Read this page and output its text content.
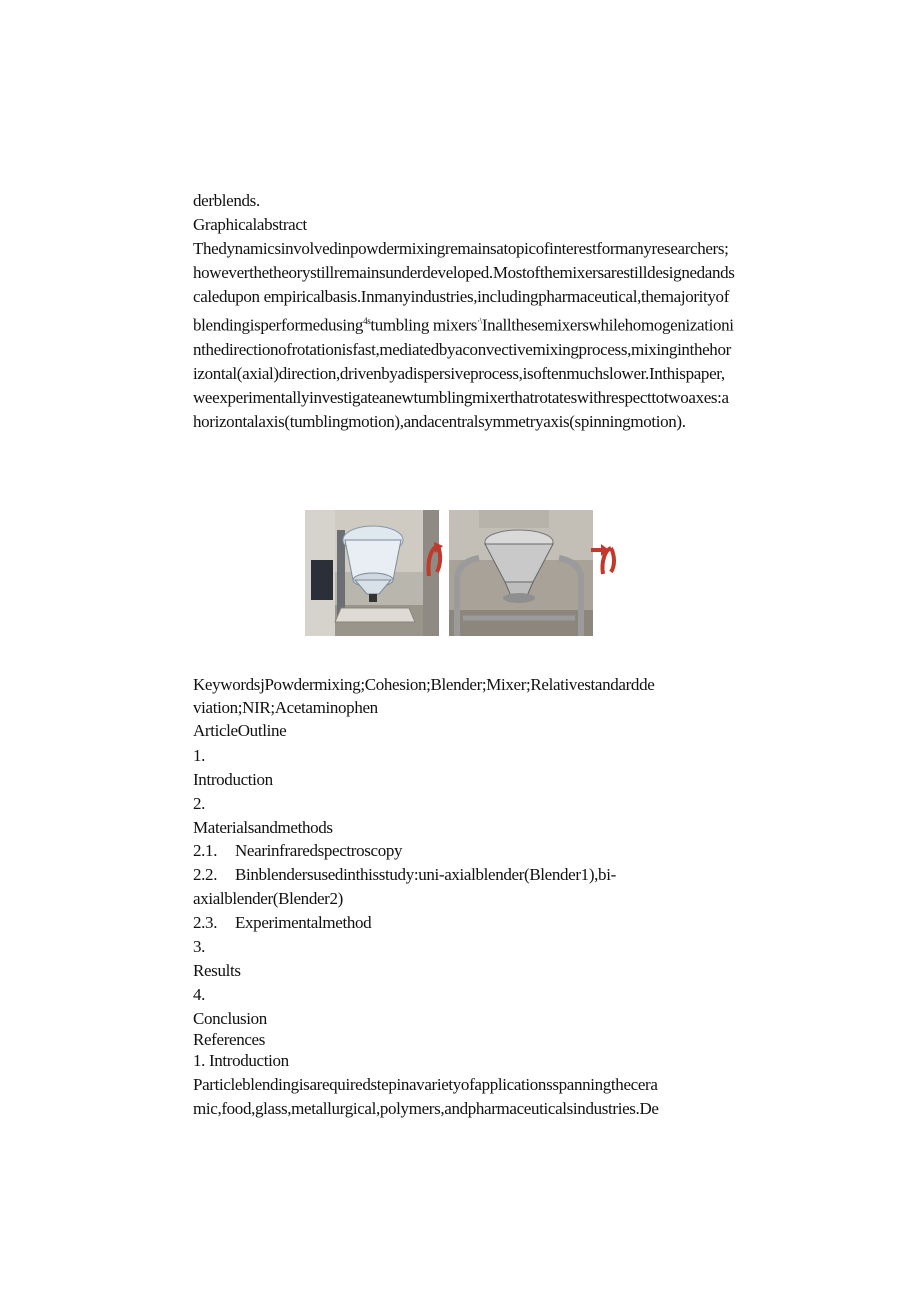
derblends.
Graphicalabstract
Thedynamicsinvolvedinpowdermixingremainsatopicofinterestformanyresearchers;howeverthetheorystillremainsunderdeveloped.Mostofthemixersarestilldesignedandscaledupon empiricalbasis.Inmanyindustries,includingpharmaceutical,themajorityofblendingisperformedusing$^{4s}$tumbling mixers·\Inallthesemixerswhilehomogenizationinthedirectionofrotationisfast,mediatedbyaconvectivemixingprocess,mixinginthehorizontal(axial)direction,drivenbyadispersiveprocess,isoftenmuchslower.Inthispaper,weexperimentallyinvestigateanewtumblingmixerthatrotateswithrespecttotwoaxes:ahorizontalaxis(tumblingmotion),andacentralsymmetryaxis(spinningmotion).
KeywordsjPowdermixing;Cohesion;Blender;Mixer;Relativestandardde
viation;NIR;Acetaminophen
ArticleOutline
1.
Introduction
2.
Materialsandmethods
2.1. Nearinfraredspectroscopy
2.2. Binblendersusedinthisstudy:uni-axialblender(Blender1),bi-
axialblender(Blender2)
2.3. Experimentalmethod
3.
Results
4.
Conclusion
References
1. Introduction
Particleblendingisarequiredstepinavarietyofapplicationsspanningthecera
mic,food,glass,metallurgical,polymers,andpharmaceuticalsindustries.De
